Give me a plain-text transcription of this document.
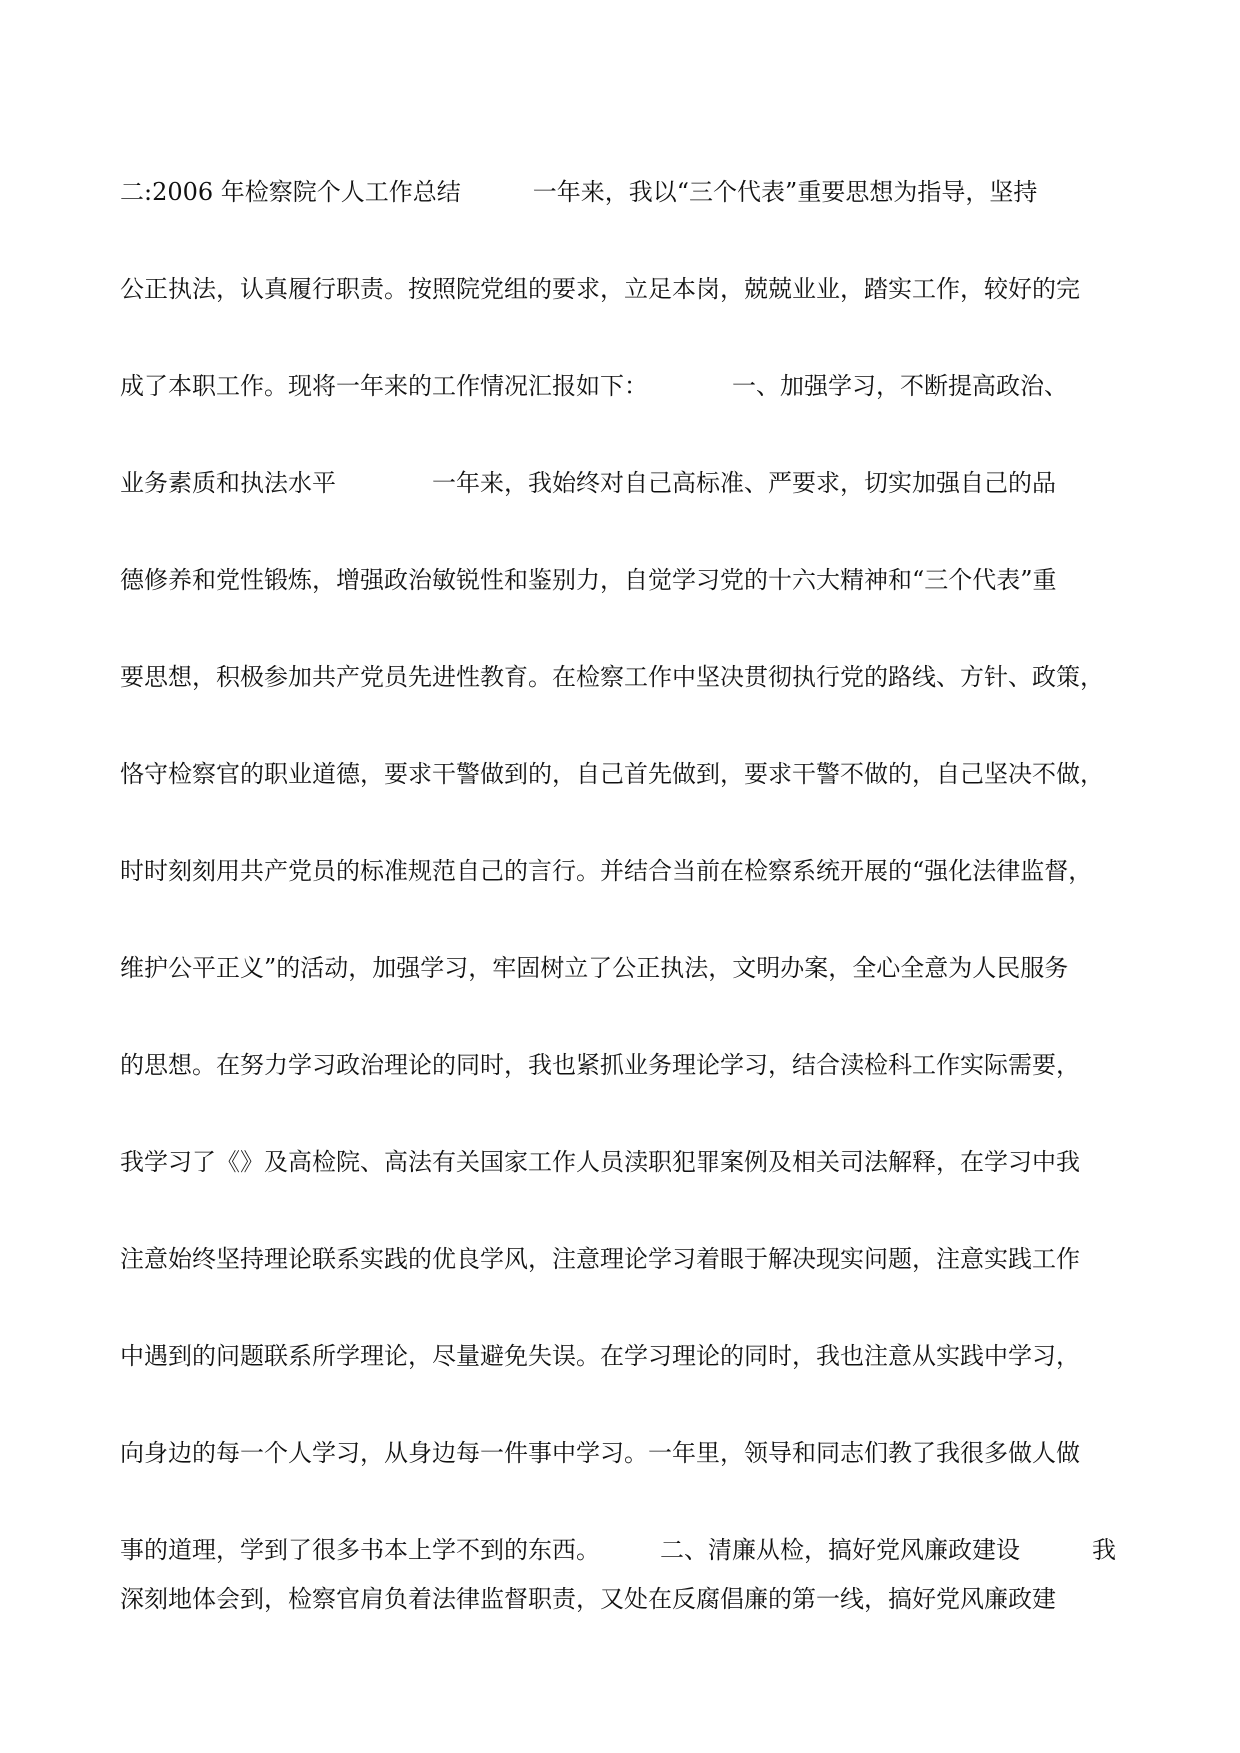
二:2006 年检察院个人工作总结　　　一年来，我以“三个代表”重要思想为指导，坚持
公正执法，认真履行职责。按照院党组的要求，立足本岗，兢兢业业，踏实工作，较好的完
成了本职工作。现将一年来的工作情况汇报如下：　　　　一、加强学习，不断提高政治、
业务素质和执法水平　　　　一年来，我始终对自己高标准、严要求，切实加强自己的品
德修养和党性锻炼，增强政治敏锐性和鉴别力，自觉学习党的十六大精神和“三个代表”重
要思想，积极参加共产党员先进性教育。在检察工作中坚决贯彻执行党的路线、方针、政策，
恪守检察官的职业道德，要求干警做到的，自己首先做到，要求干警不做的，自己坚决不做，
时时刻刻用共产党员的标准规范自己的言行。并结合当前在检察系统开展的“强化法律监督，
维护公平正义”的活动，加强学习，牢固树立了公正执法，文明办案，全心全意为人民服务
的思想。在努力学习政治理论的同时，我也紧抓业务理论学习，结合渎检科工作实际需要，
我学习了《》及高检院、高法有关国家工作人员渎职犯罪案例及相关司法解释，在学习中我
注意始终坚持理论联系实践的优良学风，注意理论学习着眼于解决现实问题，注意实践工作
中遇到的问题联系所学理论，尽量避免失误。在学习理论的同时，我也注意从实践中学习，
向身边的每一个人学习，从身边每一件事中学习。一年里，领导和同志们教了我很多做人做
事的道理，学到了很多书本上学不到的东西。　　　二、清廉从检，搞好党风廉政建设　　　我
深刻地体会到，检察官肩负着法律监督职责，又处在反腐倡廉的第一线，搞好党风廉政建
